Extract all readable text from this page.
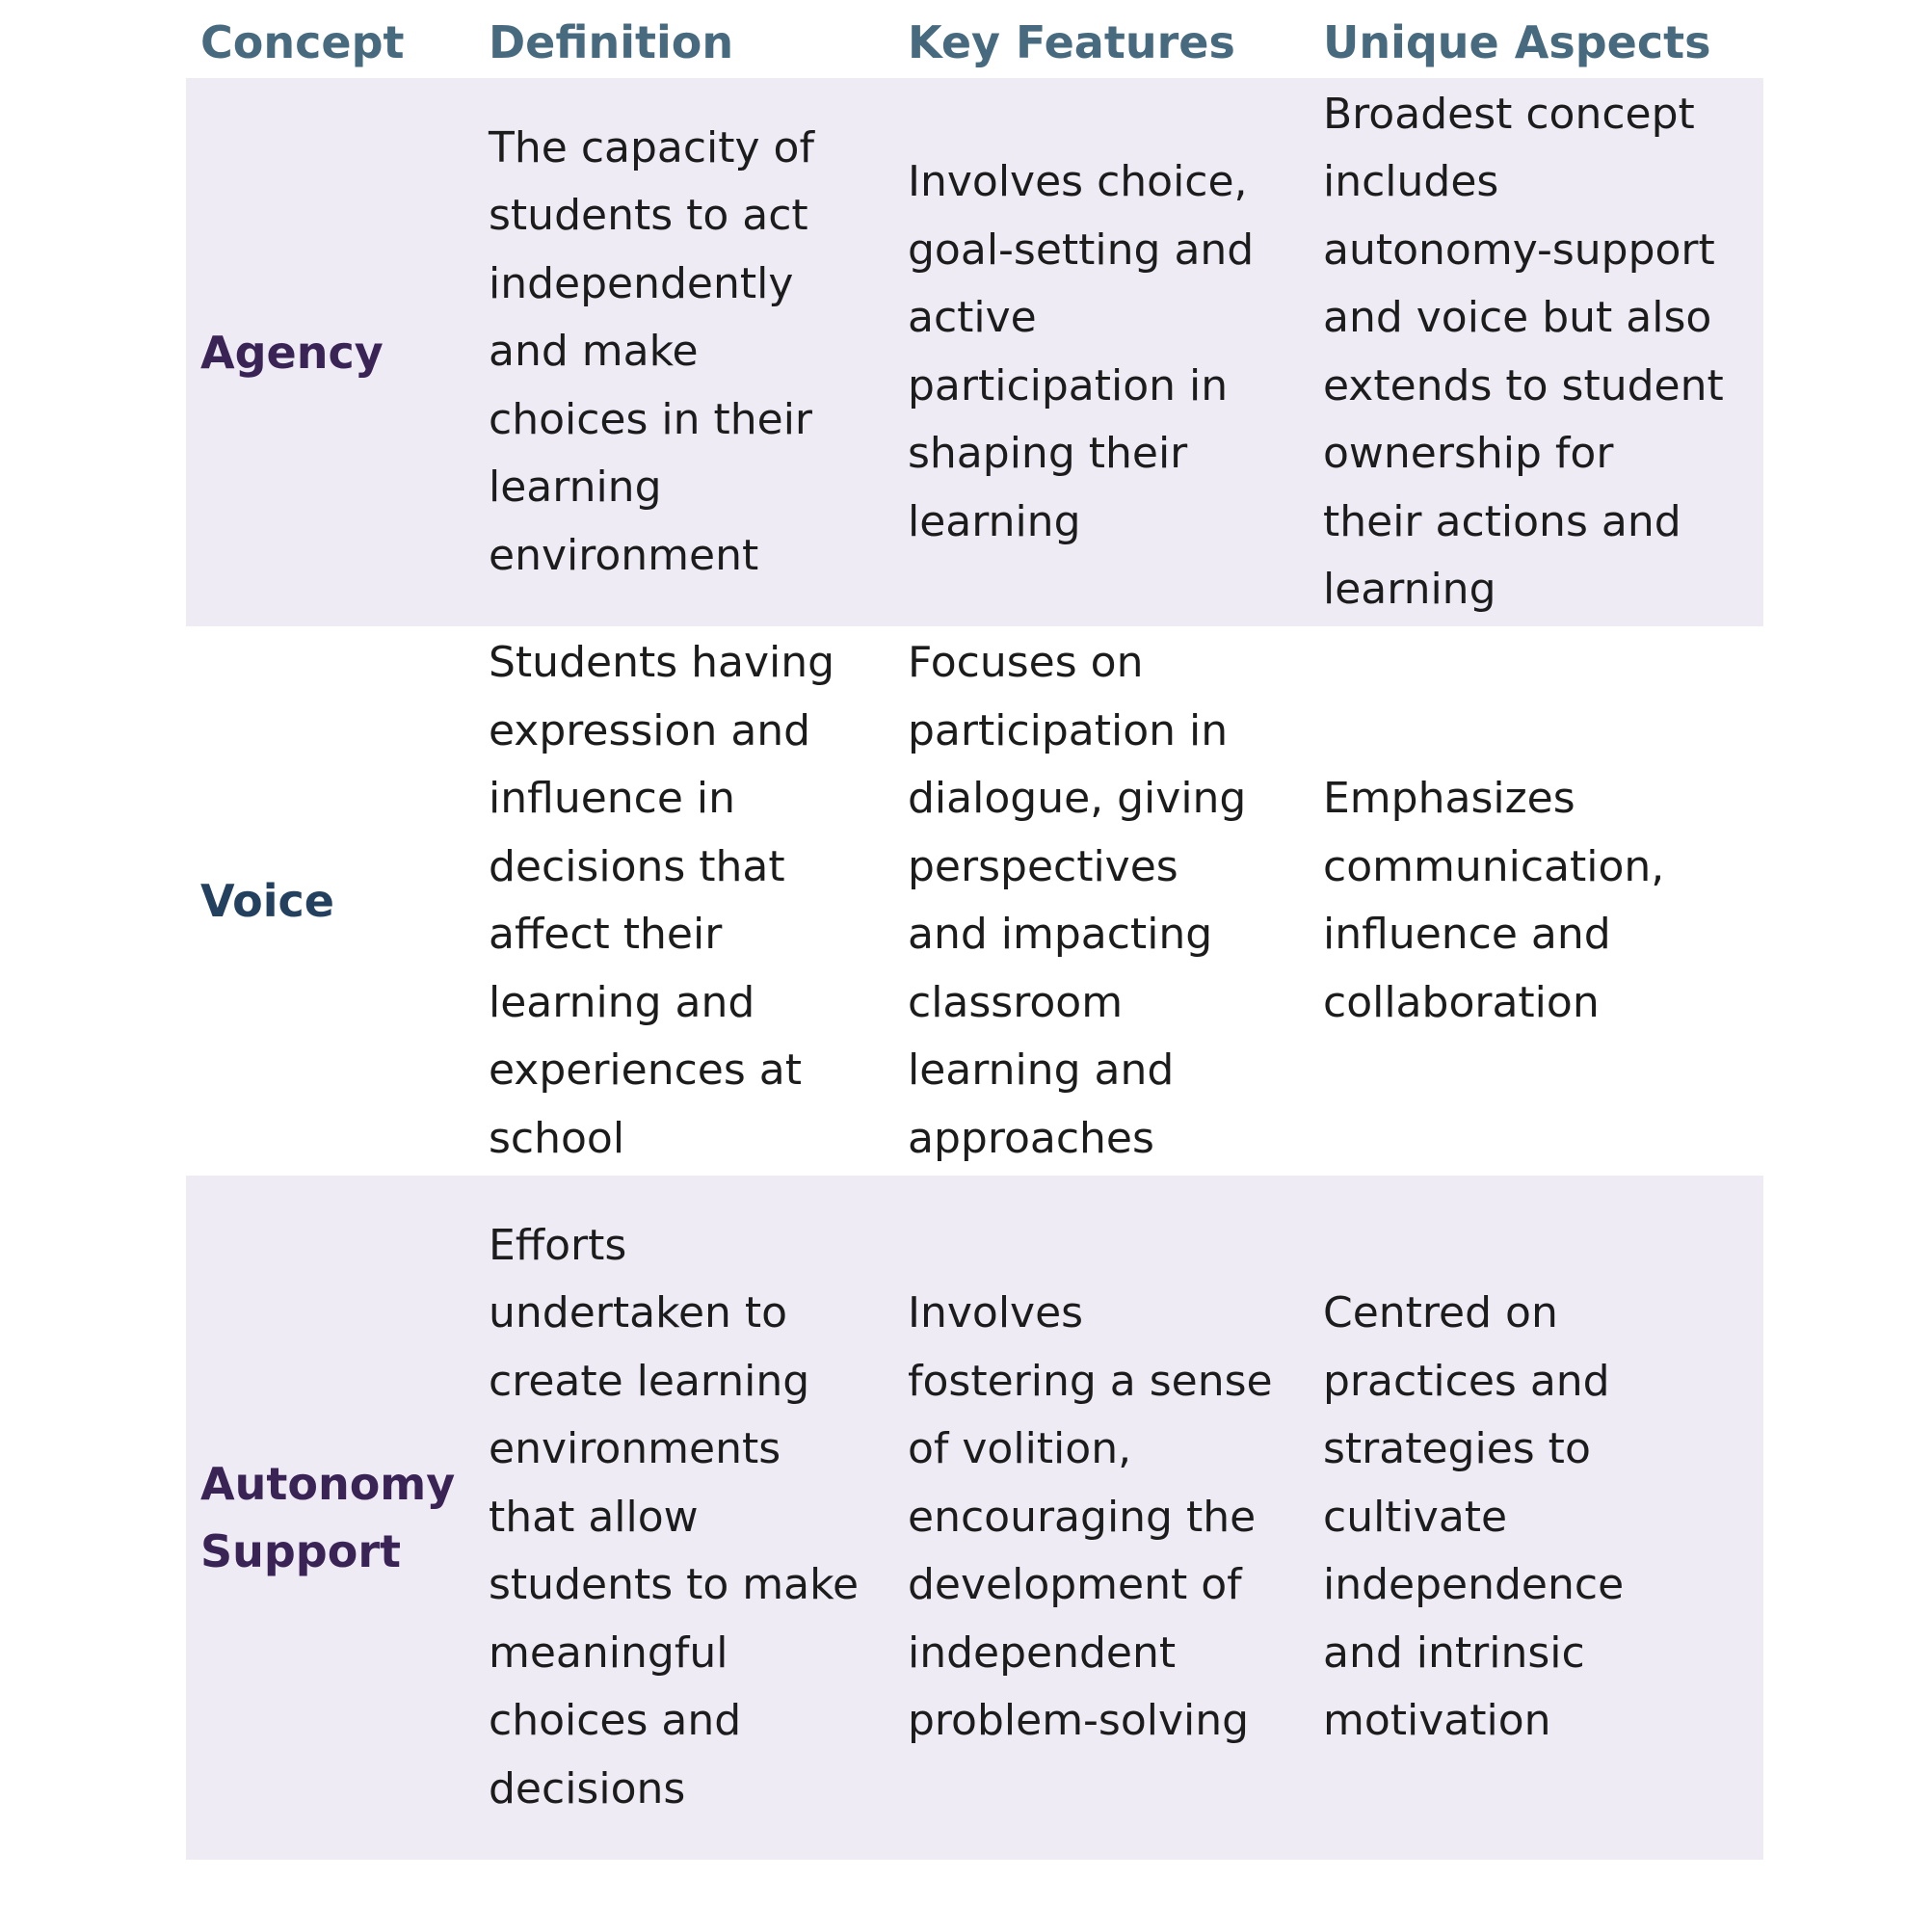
Concept Definition	Key Features Unique Aspects
Agency
The capacity of
students to act
independently
and make
choices in their
learning
environment
Involves choice,
goal-setting and
active
participation in
shaping their
learning
Broadest concept
includes
autonomy-support
and voice but also
extends to student
ownership for
their actions and
learning
Voice
Students having
expression and
influence in
decisions that
affect their
learning and
experiences at
school
Focuses on
participation in
dialogue, giving
perspectives
and impacting
classroom
learning and
approaches
Emphasizes
communication,
influence and
collaboration
Autonomy
Support
Efforts
undertaken to
create learning
environments
that allow
students to make
meaningful
choices and
decisions
Involves
fostering a sense
of volition,
encouraging the
development of
independent
problem-solving
Centred on
practices and
strategies to
cultivate
independence
and intrinsic
motivation
